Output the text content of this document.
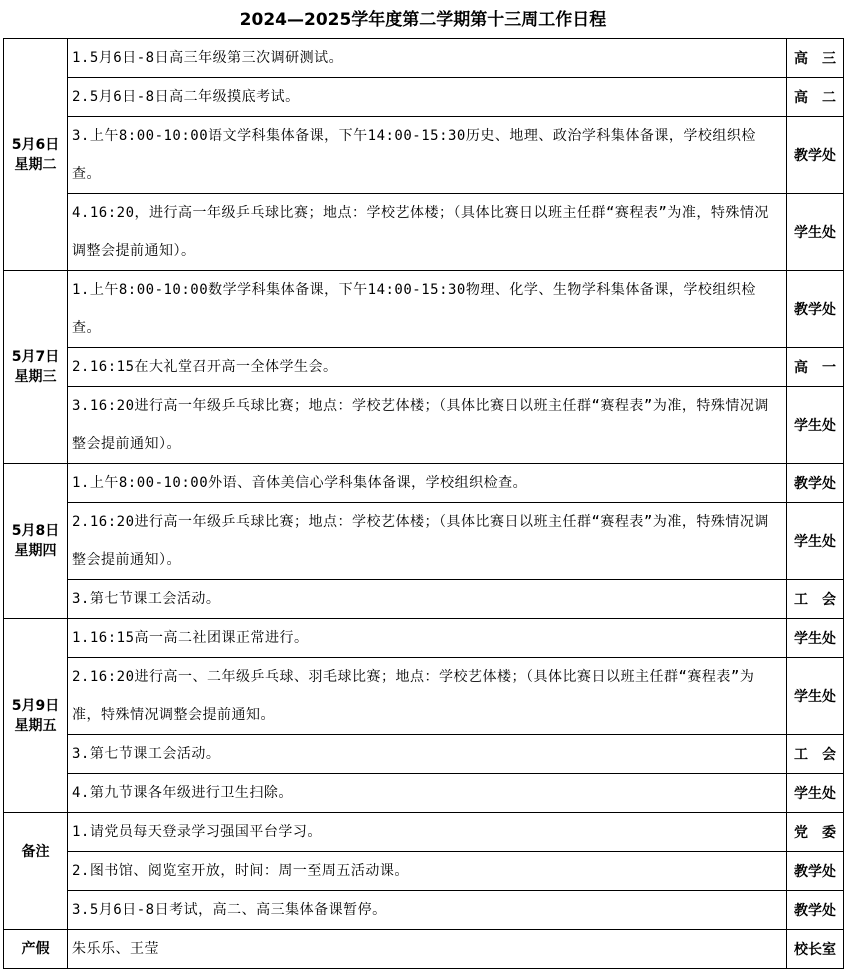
2024—2025学年度第二学期第十三周工作日程
5月6日
星期二	1.5月6日-8日高三年级第三次调研测试。	高　三
	2.5月6日-8日高二年级摸底考试。	高　二
	3.上午8:00-10:00语文学科集体备课，下午14:00-15:30历史、地理、政治学科集体备课，学校组织检查。	教学处
	4.16:20，进行高一年级乒乓球比赛；地点：学校艺体楼；（具体比赛日以班主任群“赛程表”为准，特殊情况调整会提前通知）。	学生处

5月7日
星期三	1.上午8:00-10:00数学学科集体备课，下午14:00-15:30物理、化学、生物学科集体备课，学校组织检查。	教学处
	2.16:15在大礼堂召开高一全体学生会。	高　一
	3.16:20进行高一年级乒乓球比赛；地点：学校艺体楼；（具体比赛日以班主任群“赛程表”为准，特殊情况调整会提前通知）。	学生处

5月8日
星期四	1.上午8:00-10:00外语、音体美信心学科集体备课，学校组织检查。	教学处
	2.16:20进行高一年级乒乓球比赛；地点：学校艺体楼；（具体比赛日以班主任群“赛程表”为准，特殊情况调整会提前通知）。	学生处
	3.第七节课工会活动。	工　会

5月9日
星期五	1.16:15高一高二社团课正常进行。	学生处
	2.16:20进行高一、二年级乒乓球、羽毛球比赛；地点：学校艺体楼；（具体比赛日以班主任群“赛程表”为准，特殊情况调整会提前通知。	学生处
	3.第七节课工会活动。	工　会
	4.第九节课各年级进行卫生扫除。	学生处

备注	1.请党员每天登录学习强国平台学习。	党　委
	2.图书馆、阅览室开放，时间：周一至周五活动课。	教学处
	3.5月6日-8日考试，高二、高三集体备课暂停。	教学处

产假	朱乐乐、王莹	校长室
